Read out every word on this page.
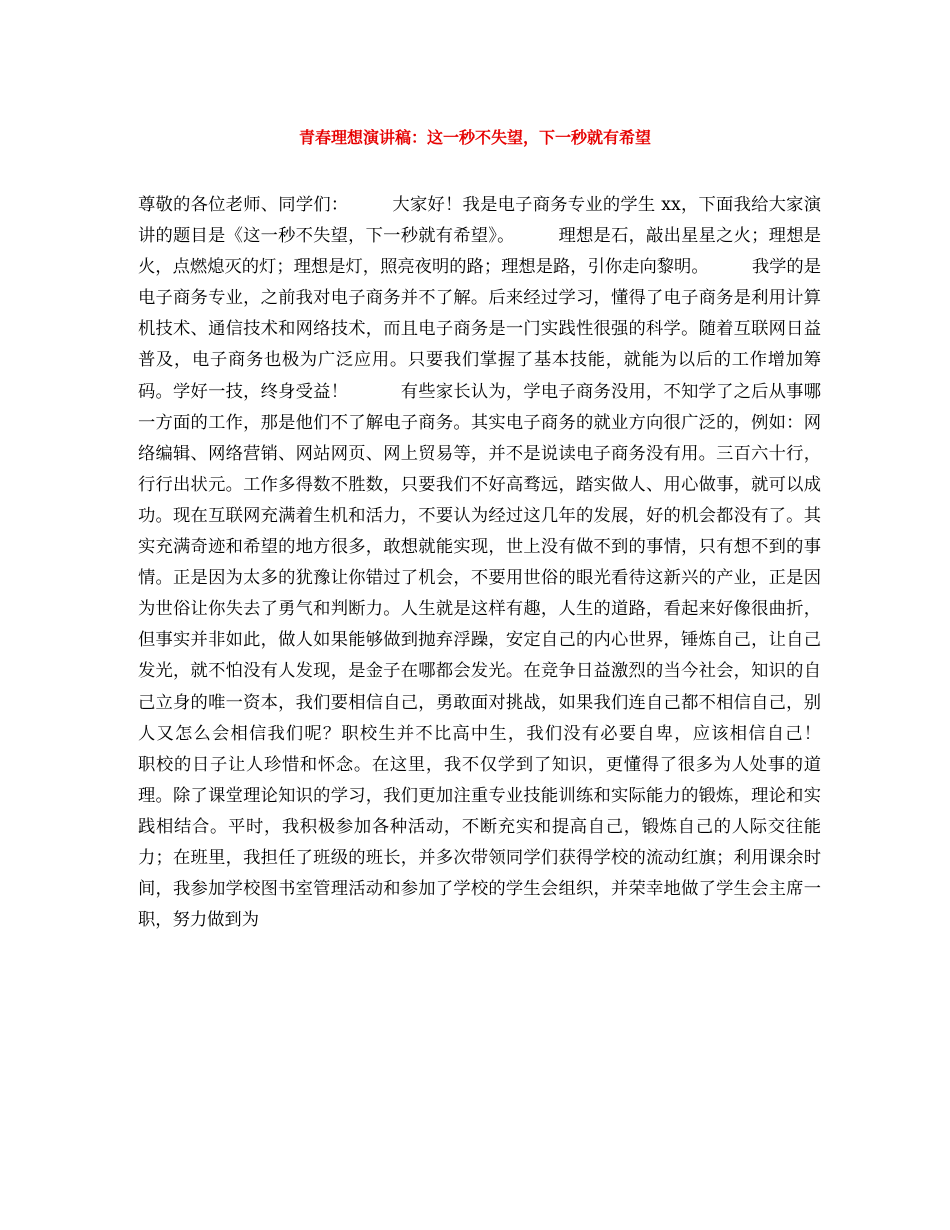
青春理想演讲稿：这一秒不失望，下一秒就有希望

尊敬的各位老师、同学们：　　　大家好！我是电子商务专业的学生 xx，下面我给大家演讲的题目是《这一秒不失望，下一秒就有希望》。　　　理想是石，敲出星星之火；理想是火，点燃熄灭的灯；理想是灯，照亮夜明的路；理想是路，引你走向黎明。　　　我学的是电子商务专业，之前我对电子商务并不了解。后来经过学习，懂得了电子商务是利用计算机技术、通信技术和网络技术，而且电子商务是一门实践性很强的科学。随着互联网日益普及，电子商务也极为广泛应用。只要我们掌握了基本技能，就能为以后的工作增加筹码。学好一技，终身受益！　　　有些家长认为，学电子商务没用，不知学了之后从事哪一方面的工作，那是他们不了解电子商务。其实电子商务的就业方向很广泛的，例如：网络编辑、网络营销、网站网页、网上贸易等，并不是说读电子商务没有用。三百六十行，行行出状元。工作多得数不胜数，只要我们不好高骛远，踏实做人、用心做事，就可以成功。现在互联网充满着生机和活力，不要认为经过这几年的发展，好的机会都没有了。其实充满奇迹和希望的地方很多，敢想就能实现，世上没有做不到的事情，只有想不到的事情。正是因为太多的犹豫让你错过了机会，不要用世俗的眼光看待这新兴的产业，正是因为世俗让你失去了勇气和判断力。人生就是这样有趣，人生的道路，看起来好像很曲折，但事实并非如此，做人如果能够做到抛弃浮躁，安定自己的内心世界，锤炼自己，让自己发光，就不怕没有人发现，是金子在哪都会发光。在竞争日益激烈的当今社会，知识的自己立身的唯一资本，我们要相信自己，勇敢面对挑战，如果我们连自己都不相信自己，别人又怎么会相信我们呢？职校生并不比高中生，我们没有必要自卑，应该相信自己！　　　职校的日子让人珍惜和怀念。在这里，我不仅学到了知识，更懂得了很多为人处事的道理。除了课堂理论知识的学习，我们更加注重专业技能训练和实际能力的锻炼，理论和实践相结合。平时，我积极参加各种活动，不断充实和提高自己，锻炼自己的人际交往能力；在班里，我担任了班级的班长，并多次带领同学们获得学校的流动红旗；利用课余时间，我参加学校图书室管理活动和参加了学校的学生会组织，并荣幸地做了学生会主席一职，努力做到为
